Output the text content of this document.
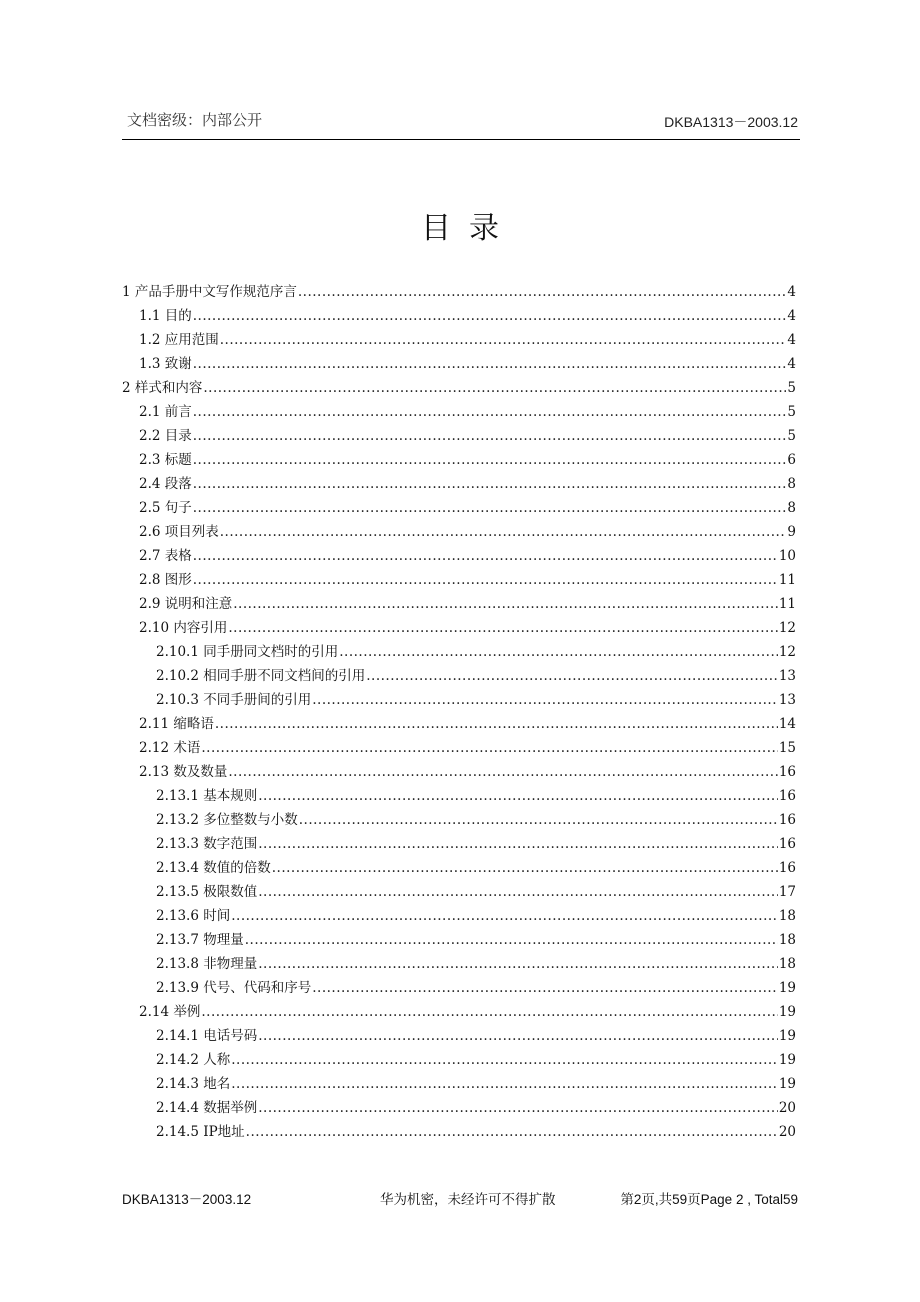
文档密级：内部公开	DKBA1313－2003.12
目录
1 产品手册中文写作规范序言 .....	4
1.1 目的 .....	4
1.2 应用范围 .....	4
1.3 致谢 .....	4
2 样式和内容 .....	5
2.1 前言 .....	5
2.2 目录 .....	5
2.3 标题 .....	6
2.4 段落 .....	8
2.5 句子 .....	8
2.6 项目列表 .....	9
2.7 表格 .....	10
2.8 图形 .....	11
2.9 说明和注意 .....	11
2.10 内容引用 .....	12
2.10.1 同手册同文档时的引用 .....	12
2.10.2 相同手册不同文档间的引用 .....	13
2.10.3 不同手册间的引用 .....	13
2.11 缩略语 .....	14
2.12 术语 .....	15
2.13 数及数量 .....	16
2.13.1 基本规则 .....	16
2.13.2 多位整数与小数 .....	16
2.13.3 数字范围 .....	16
2.13.4 数值的倍数 .....	16
2.13.5 极限数值 .....	17
2.13.6 时间 .....	18
2.13.7 物理量 .....	18
2.13.8 非物理量 .....	18
2.13.9 代号、代码和序号 .....	19
2.14 举例 .....	19
2.14.1 电话号码 .....	19
2.14.2 人称 .....	19
2.14.3 地名 .....	19
2.14.4 数据举例 .....	20
2.14.5 IP地址 .....	20
DKBA1313－2003.12	华为机密，未经许可不得扩散	第2页,共59页Page 2 , Total59
